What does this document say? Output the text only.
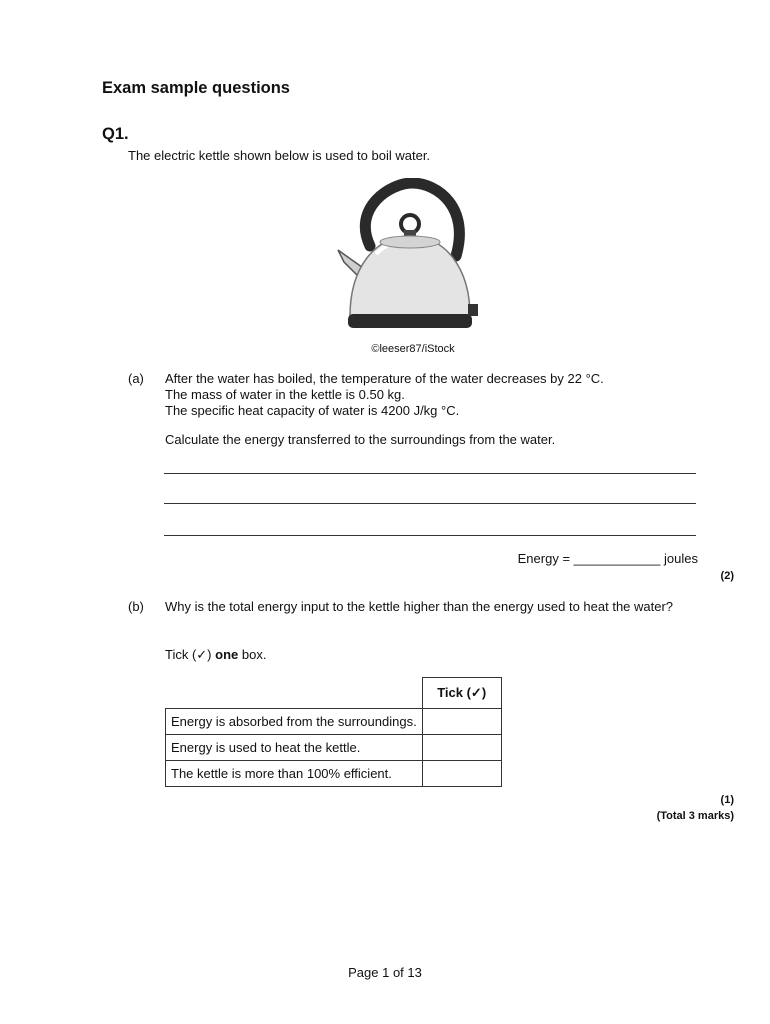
Exam sample questions
Q1.
The electric kettle shown below is used to boil water.
©leeser87/iStock
(a) After the water has boiled, the temperature of the water decreases by 22 °C.
The mass of water in the kettle is 0.50 kg.
The specific heat capacity of water is 4200 J/kg °C.
Calculate the energy transferred to the surroundings from the water.
Energy = ____________ joules
(2)
(b) Why is the total energy input to the kettle higher than the energy used to heat the water?
Tick (✓) one box.
	Tick (✓)
Energy is absorbed from the surroundings.	
Energy is used to heat the kettle.	
The kettle is more than 100% efficient.	
(1)
(Total 3 marks)
Page 1 of 13
